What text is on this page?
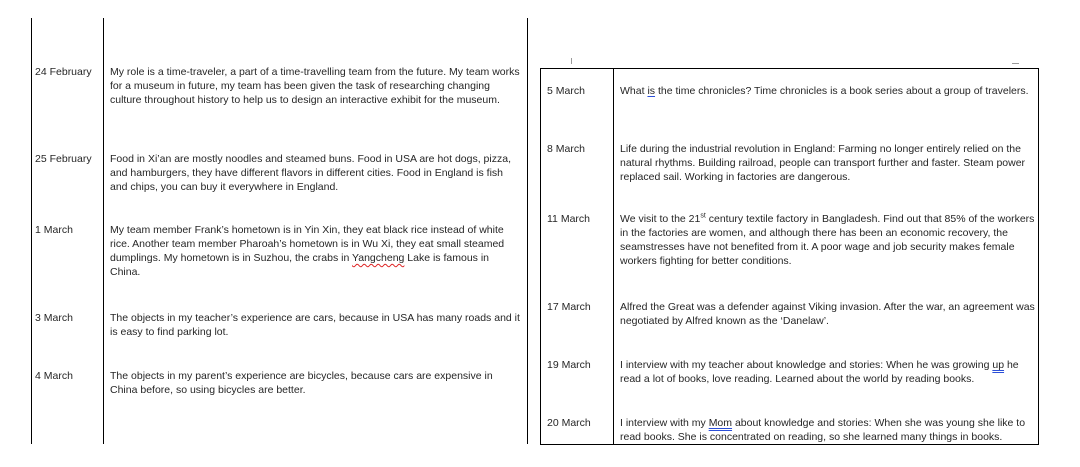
24 February My role is a time-traveler, a part of a time-travelling team from the future. My team works for a museum in future, my team has been given the task of researching changing culture throughout history to help us to design an interactive exhibit for the museum.
25 February Food in Xi’an are mostly noodles and steamed buns. Food in USA are hot dogs, pizza, and hamburgers, they have different flavors in different cities. Food in England is fish and chips, you can buy it everywhere in England.
1 March	My team member Frank’s hometown is in Yin Xin, they eat black rice instead of white rice. Another team member Pharoah’s hometown is in Wu Xi, they eat small steamed dumplings. My hometown is in Suzhou, the crabs in Yangcheng Lake is famous in China.
3 March	The objects in my teacher’s experience are cars, because in USA has many roads and it is easy to find parking lot.
4 March	The objects in my parent’s experience are bicycles, because cars are expensive in China before, so using bicycles are better.
5 March	What is the time chronicles? Time chronicles is a book series about a group of travelers.
8 March	Life during the industrial revolution in England: Farming no longer entirely relied on the natural rhythms. Building railroad, people can transport further and faster. Steam power replaced sail. Working in factories are dangerous.
11 March	We visit to the 21st century textile factory in Bangladesh. Find out that 85% of the workers in the factories are women, and although there has been an economic recovery, the seamstresses have not benefited from it. A poor wage and job security makes female workers fighting for better conditions.
17 March	Alfred the Great was a defender against Viking invasion. After the war, an agreement was negotiated by Alfred known as the ‘Danelaw’.
19 March	I interview with my teacher about knowledge and stories: When he was growing up he read a lot of books, love reading. Learned about the world by reading books.
20 March	I interview with my Mom about knowledge and stories: When she was young she like to read books. She is concentrated on reading, so she learned many things in books.
